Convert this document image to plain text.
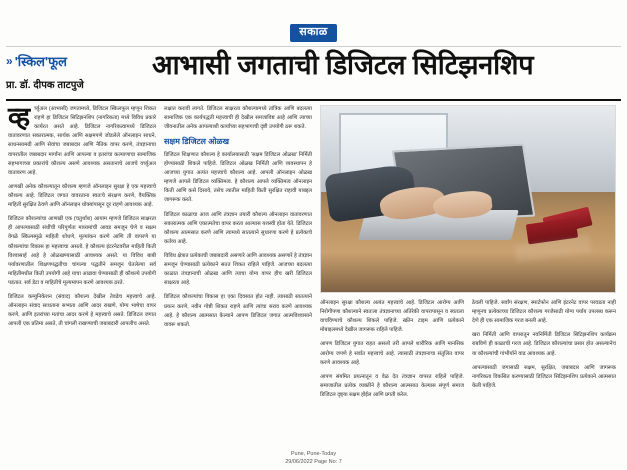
सकाळ
» 'स्किल'फूल
प्रा. डॉ. दीपक ताटपुजे
आभासी जगताची डिजिटल सिटिझनशिप
व्ह र्च्युअल (आभासी) जगतामध्ये, डिजिटल स्किलफूल म्हणून शिकत राहणे हा डिजिटल सिटिझनशिप (नागरिकता) मध्ये विविध प्रकारे कार्यरत असते आहे. डिजिटल नागरिकत्वामध्ये डिजिटल वातावरणात सकारात्मक, सार्थक आणि सक्षमपणे जोडलेले ऑनलाइन साधने, साधनसामग्री आणि सेवांचा जबाबदार आणि नैतिक वापर करणे, तंत्रज्ञानाचा वापरातील जबाबदार मार्गांना आणि आपल्या व इतरांचा कल्याणाचा सामाजिक सहभागाच्या प्रकारांचे कौशल्य असणे आवश्यक असतानाचे आजचे वर्च्युअल वातावरण आहे.

आणखी अनेक कौशल्यातून कौशल्य म्हणजे ऑनलाइन सुरक्षा हे एक महत्त्वाचे कौशल्य आहे. डिजिटल जगात वावरताना स्वतःचे संरक्षण करणे, वैयक्तिक माहिती सुरक्षित ठेवणे आणि ऑनलाइन धोक्यांपासून दूर राहणे आवश्यक आहे.

डिजिटल कौशल्यांचा आणखी एक (चतुर्थांश) आयाम म्हणजे डिजिटल साक्षरता ही आपल्यासाठी संधींची परिपूर्णता माध्यमांची आवड समजून घेणे व सक्षम वेगळे स्किल्समुळे माहिती शोधणे, मूल्यांकन करणे आणि ती वापरणे या कौशल्यांचा विकास हा महत्त्वाचा असतो. हे कौशल्य इंटरनेटवरील माहिती किती विश्वासार्ह आहे हे ओळखण्यासाठी आवश्यक असते. या विविध बाबी पर्यावरणातील शिक्षणपद्धतीचा चांगल्या पद्धतीने समजून घेतलेल्या सर्व माहितीमधील किती उपयोगी आहे याचा आढावा घेण्यासाठी ही कौशल्ये उपयोगी पडतात. सर्व डेटा व माहितीचे मूल्यमापन करणे आवश्यक ठरते.

डिजिटल कम्युनिकेशन (संवाद) कौशल्य देखील तेवढेच महत्त्वाचे आहे. ऑनलाइन संवाद साधताना सभ्यता आणि आदर राखणे, योग्य भाषेचा वापर करणे, आणि इतरांच्या मतांचा आदर करणे हे महत्त्वाचे असते. डिजिटल जगात आपली एक प्रतिमा असते, ती चांगली राखण्याची जबाबदारी आपलीच असते.

लक्षात करावी लागते. डिजिटल साक्षरता कौशल्यामध्ये तांत्रिक आणि बदलत्या सामाजिक एक कार्यपद्धती महत्त्वाची ही देखील समजाविष्ट आहे आणि त्याच्या जीवनातील अनेक आपल्याशी कार्यांच्या सहभागाची दृष्टी उपयोगी ठरू शकते.

सक्षम डिजिटल ओळख

डिजिटल शिक्षणात कौशल्य हे कार्यालयासाठी 'सक्षम डिजिटल ओळख' निर्मिती होण्यासाठी शिकले पाहिजे. डिजिटल ओळख निर्मिती आणि व्यवस्थापन हे आजच्या युगात अत्यंत महत्त्वाचे कौशल्य आहे. आपली ऑनलाइन ओळख म्हणजे आपले डिजिटल व्यक्तिमत्व. हे कौशल्य आपले व्यक्तिमत्व ऑनलाइन किती आणि कसे दिसावे, तसेच त्यातील माहिती किती सुरक्षित राहावी याबद्दल जागरूक करते.

डिजिटल काळाचा आज आणि तंत्रज्ञान तयारी कौशल्य ऑनलाइन वातावरणात सकारात्मक आणि एकात्मतेचा वापर करता आल्यास यशस्वी होता येते. डिजिटल कौशल्य आत्मसात करणे आणि त्यामध्ये सातत्याने सुधारणा करणे हे प्रत्येकाचे कर्तव्य आहे.

विविध क्षेत्रात प्रत्येकाची जबाबदारी असणारे आणि आवश्यक असणारे हे तंत्रज्ञान समजून घेण्यासाठी प्रत्येकाने सतत शिकत राहिले पाहिजे. आजच्या बदलत्या काळात तंत्रज्ञानाची ओळख आणि त्याचा योग्य वापर हीच खरी डिजिटल साक्षरता आहे.

डिजिटल कौशल्यांचा विकास हा एका दिवसात होत नाही. त्यासाठी सातत्याने प्रयत्न करणे, नवीन गोष्टी शिकत राहणे आणि त्यांचा सराव करणे आवश्यक आहे. हे कौशल्य आत्मसात केल्याने आपण डिजिटल जगात आत्मविश्वासाने वावरू शकतो.

ऑनलाइन सुरक्षा कौशल्य अत्यंत महत्त्वाचे आहे. डिजिटल आरोग्य आणि निरोगीपणा कौशल्याने स्वतःला तंत्रज्ञानाच्या अतिरेकी वापरापासून व स्वतःला वाचविण्याचे कौशल्य शिकले पाहिजे. स्क्रीन टाइम आणि प्रत्येकाने मोबाइलमध्ये देखील जागरूक राहिले पाहिजे.

आपण डिजिटल युगात राहत असलो तरी आपले शारीरिक आणि मानसिक आरोग्य जपणे हे सर्वात महत्त्वाचे आहे. त्यासाठी तंत्रज्ञानाचा संतुलित वापर करणे आवश्यक आहे.

आपण संयमित प्रयत्नातून व वेळ देत तंत्रज्ञान वापरत राहिले पाहिजे. समाजातील प्रत्येक व्यक्तीने हे कौशल्य आत्मसात केल्यास संपूर्ण समाज डिजिटल दृष्ट्या सक्षम होईल आणि प्रगती करेल.

ठेवली पाहिजे. सर्वांग संरक्षण, स्मार्टफोन आणि इंटरनेट वापर परवडता नाही म्हणूनच प्रत्येकाच्या डिजिटल कौशल्य गरजेसाठी योग्य पर्याय उपलब्ध करून देणे ही एक सामाजिक गरज बनली आहे.

खरा निर्मिती आणि वापरातून नवनिर्मिती डिजिटल सिटिझनशिप कार्यक्रम राबविणे ही काळाची गरज आहे. डिजिटल कौशल्यांचा प्रसार होत असल्यानेच या कौशल्यांची गांभीर्याने वाढ आवश्यक आहे.

आपल्यासाठी जगासाठी सक्षम, सुरक्षित, जबाबदार आणि जागरूक नागरिकता विकसित करण्यासाठी डिजिटल सिटिझनशिप प्रत्येकाने आत्मसात केली पाहिजे.

Pune, Pune-Today
29/06/2022 Page No: 7
